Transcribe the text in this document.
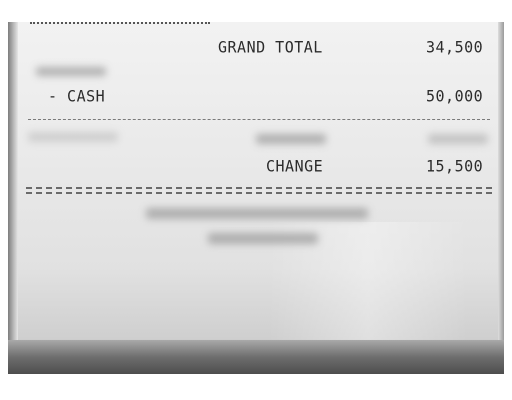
GRAND TOTAL	34,500
- CASH	50,000
CHANGE	15,500
